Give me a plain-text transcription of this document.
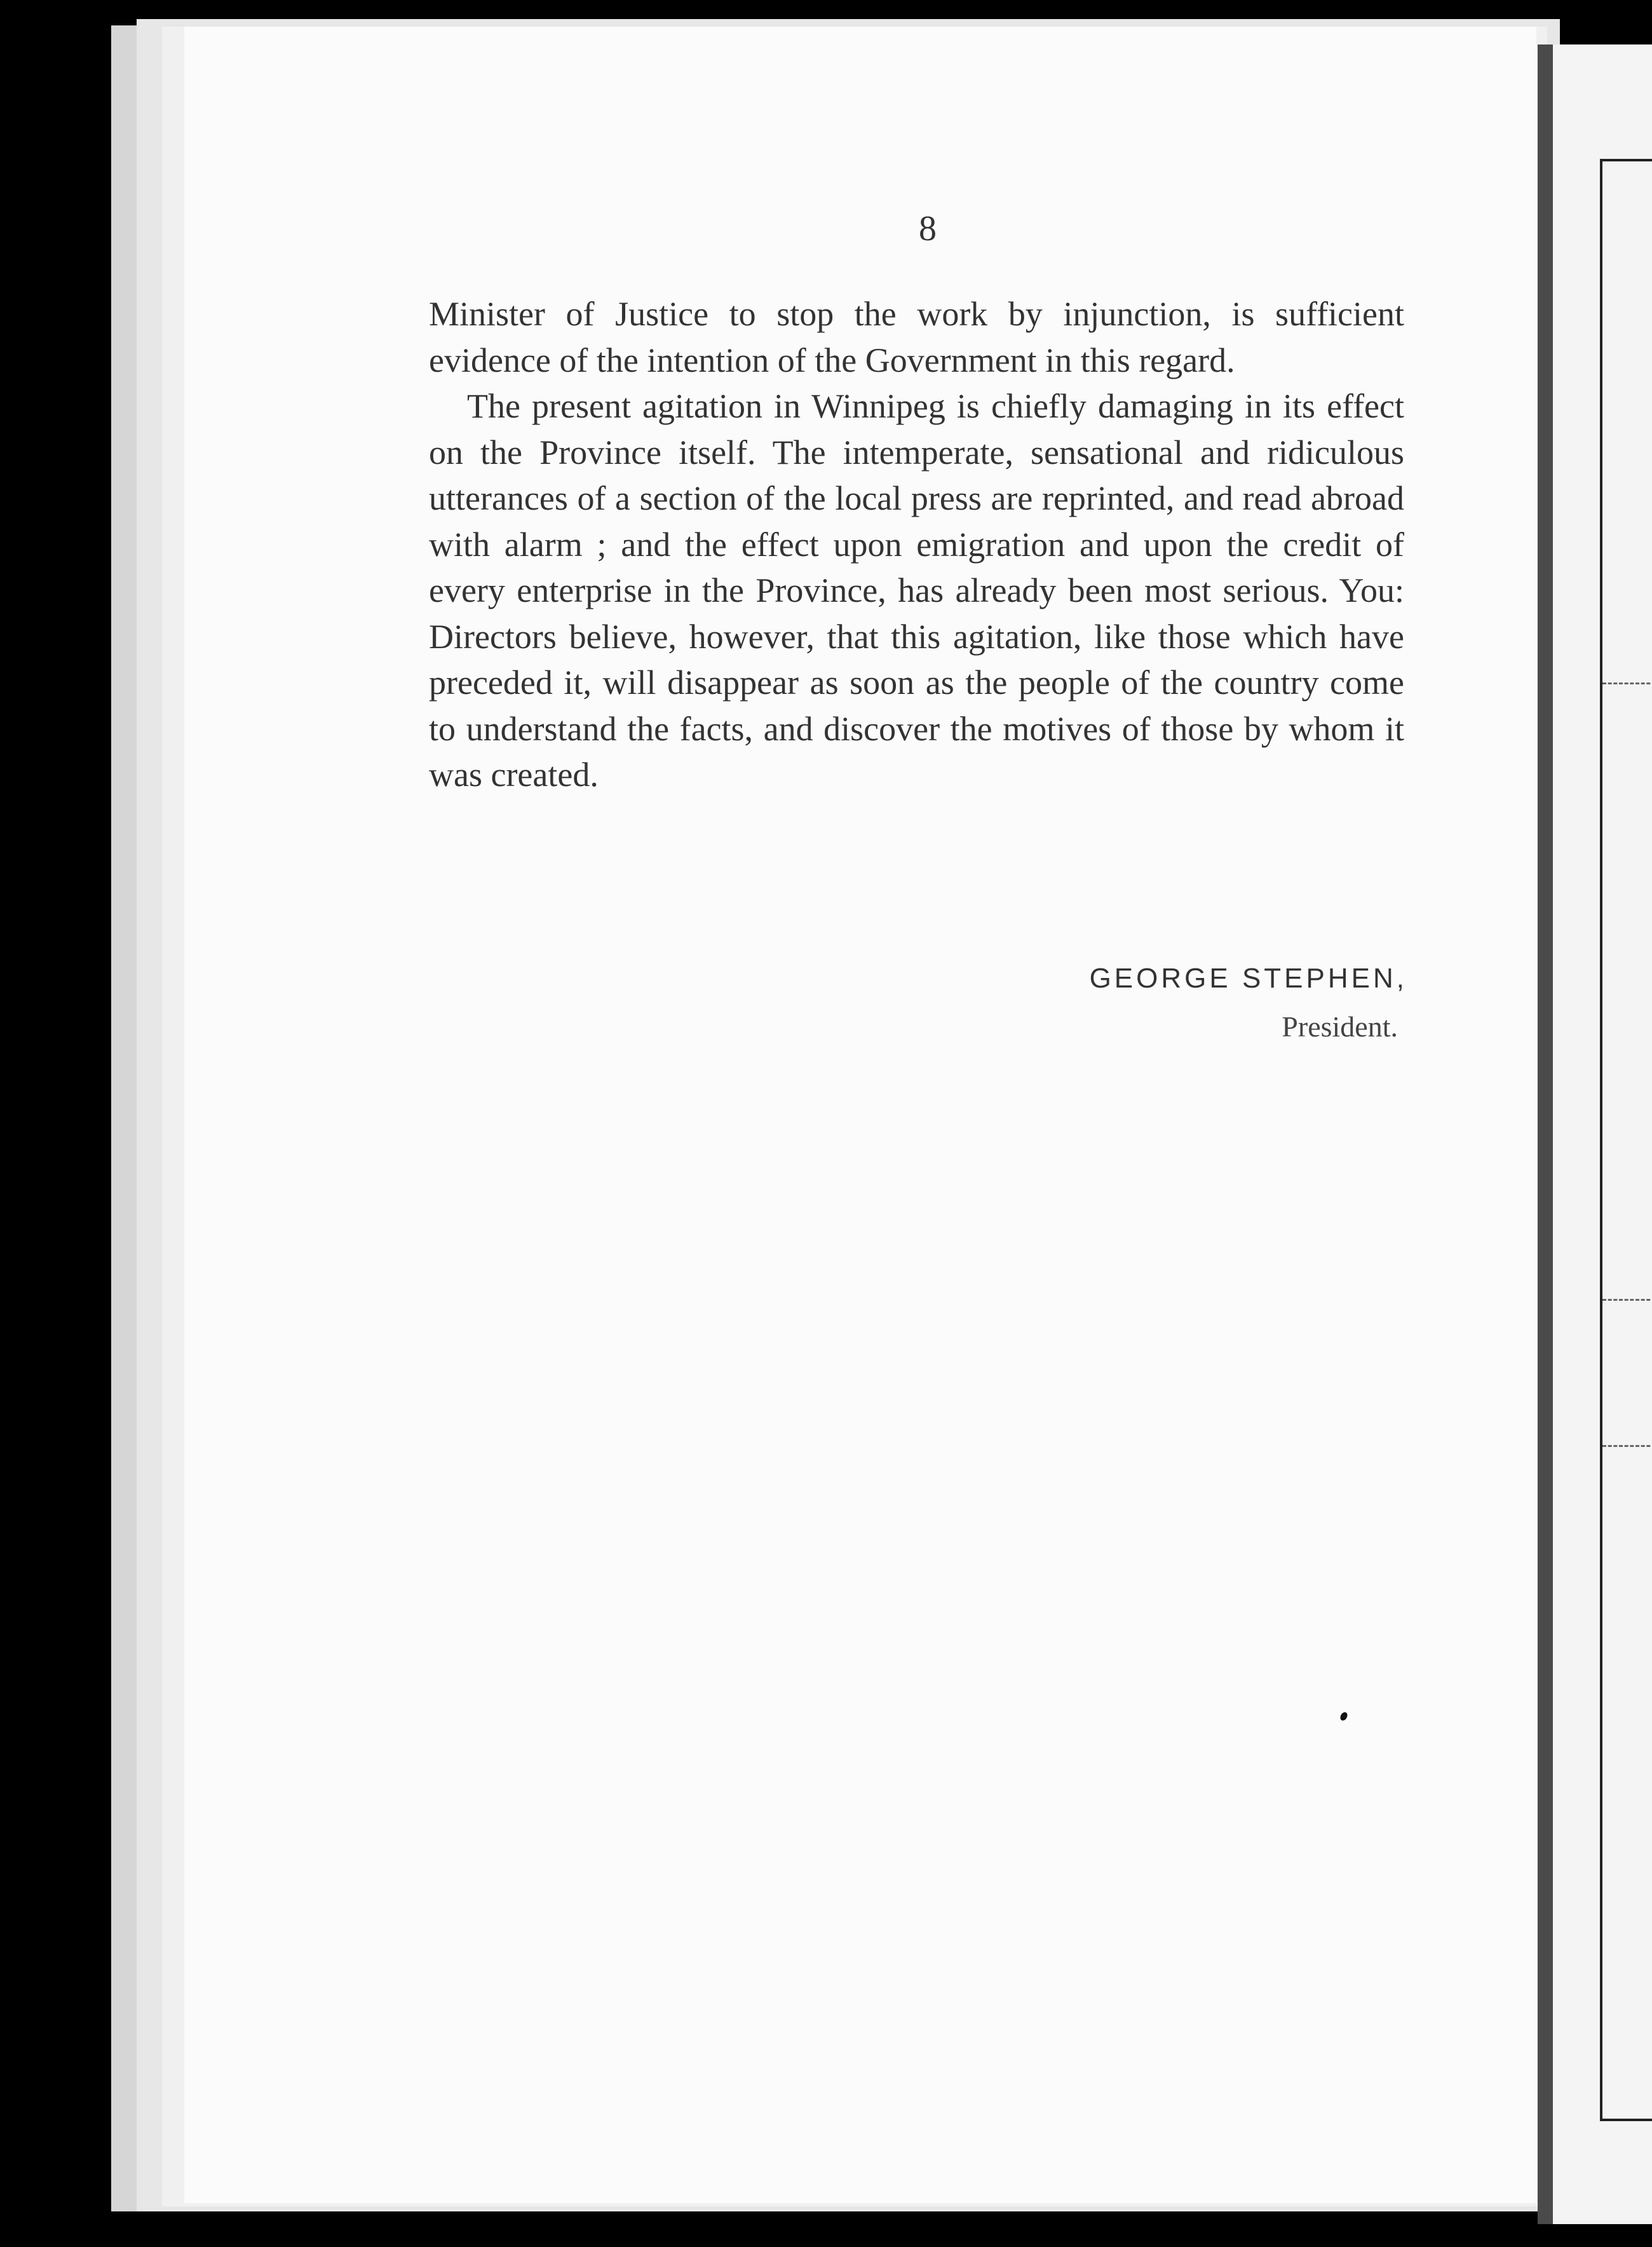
8

Minister of Justice to stop the work by injunction, is sufficient evidence of the intention of the Government in this regard.

The present agitation in Winnipeg is chiefly damaging in its effect on the Province itself. The intemperate, sensational and ridiculous utterances of a section of the local press are reprinted, and read abroad with alarm ; and the effect upon emigration and upon the credit of every enterprise in the Province, has already been most serious. You: Directors believe, however, that this agitation, like those which have preceded it, will disappear as soon as the people of the country come to understand the facts, and discover the motives of those by whom it was created.

GEORGE STEPHEN,
President.
